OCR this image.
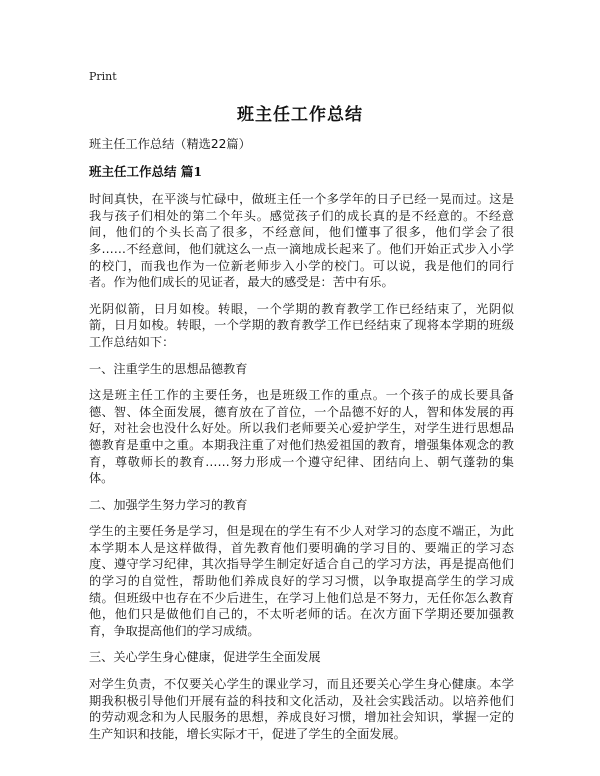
Print
班主任工作总结

班主任工作总结（精选22篇）

班主任工作总结 篇1

时间真快，在平淡与忙碌中，做班主任一个多学年的日子已经一晃而过。这是我与孩子们相处的第二个年头。感觉孩子们的成长真的是不经意的。不经意间，他们的个头长高了很多，不经意间，他们懂事了很多，他们学会了很多……不经意间，他们就这么一点一滴地成长起来了。他们开始正式步入小学的校门，而我也作为一位新老师步入小学的校门。可以说，我是他们的同行者。作为他们成长的见证者，最大的感受是：苦中有乐。

光阴似箭，日月如梭。转眼，一个学期的教育教学工作已经结束了，光阴似箭，日月如梭。转眼，一个学期的教育教学工作已经结束了现将本学期的班级工作总结如下：

一、注重学生的思想品德教育

这是班主任工作的主要任务，也是班级工作的重点。一个孩子的成长要具备德、智、体全面发展，德育放在了首位，一个品德不好的人，智和体发展的再好，对社会也没什么好处。所以我们老师要关心爱护学生，对学生进行思想品德教育是重中之重。本期我注重了对他们热爱祖国的教育，增强集体观念的教育，尊敬师长的教育……努力形成一个遵守纪律、团结向上、朝气蓬勃的集体。

二、加强学生努力学习的教育

学生的主要任务是学习，但是现在的学生有不少人对学习的态度不端正，为此本学期本人是这样做得，首先教育他们要明确的学习目的、要端正的学习态度、遵守学习纪律，其次指导学生制定好适合自己的学习方法，再是提高他们的学习的自觉性，帮助他们养成良好的学习习惯，以争取提高学生的学习成绩。但班级中也存在不少后进生，在学习上他们总是不努力，无任你怎么教育他，他们只是做他们自己的，不太听老师的话。在次方面下学期还要加强教育，争取提高他们的学习成绩。

三、关心学生身心健康，促进学生全面发展

对学生负责，不仅要关心学生的课业学习，而且还要关心学生身心健康。本学期我积极引导他们开展有益的科技和文化活动，及社会实践活动。以培养他们的劳动观念和为人民服务的思想，养成良好习惯，增加社会知识，掌握一定的生产知识和技能，增长实际才干，促进了学生的全面发展。
